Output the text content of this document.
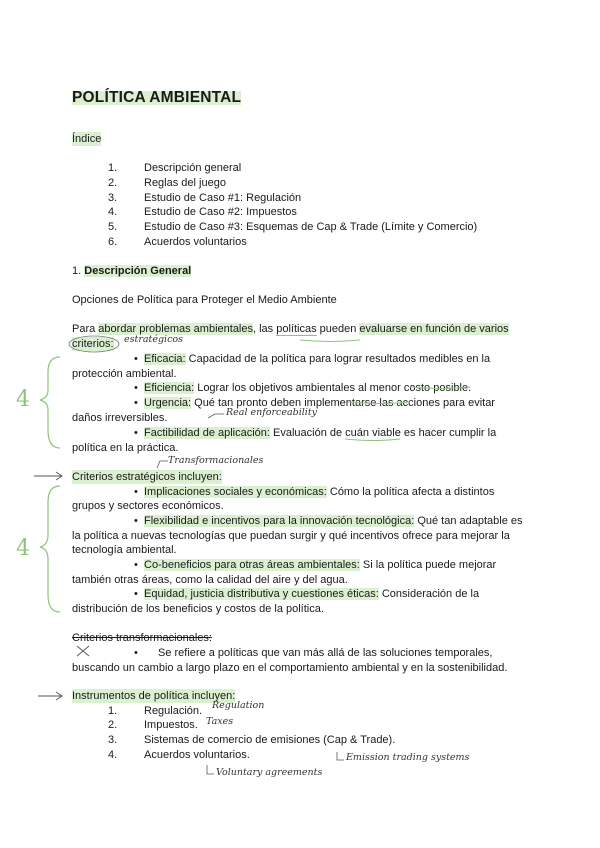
POLÍTICA AMBIENTAL
Índice
1. Descripción general
2. Reglas del juego
3. Estudio de Caso #1: Regulación
4. Estudio de Caso #2: Impuestos
5. Estudio de Caso #3: Esquemas de Cap & Trade (Límite y Comercio)
6. Acuerdos voluntarios
1. Descripción General
Opciones de Política para Proteger el Medio Ambiente
Para abordar problemas ambientales, las políticas pueden evaluarse en función de varios
criterios:
• Eficacia: Capacidad de la política para lograr resultados medibles en la
protección ambiental.
• Eficiencia: Lograr los objetivos ambientales al menor costo posible.
• Urgencia: Qué tan pronto deben implementarse las acciones para evitar
daños irreversibles.
• Factibilidad de aplicación: Evaluación de cuán viable es hacer cumplir la
política en la práctica.
Criterios estratégicos incluyen:
• Implicaciones sociales y económicas: Cómo la política afecta a distintos
grupos y sectores económicos.
• Flexibilidad e incentivos para la innovación tecnológica: Qué tan adaptable es
la política a nuevas tecnologías que puedan surgir y qué incentivos ofrece para mejorar la
tecnología ambiental.
• Co-beneficios para otras áreas ambientales: Si la política puede mejorar
también otras áreas, como la calidad del aire y del agua.
• Equidad, justicia distributiva y cuestiones éticas: Consideración de la
distribución de los beneficios y costos de la política.
Criterios transformacionales:
• Se refiere a políticas que van más allá de las soluciones temporales,
buscando un cambio a largo plazo en el comportamiento ambiental y en la sostenibilidad.
Instrumentos de política incluyen:
1. Regulación.
2. Impuestos.
3. Sistemas de comercio de emisiones (Cap & Trade).
4. Acuerdos voluntarios.
estratégicos
Real enforceability
Transformacionales
4
4
Regulation
Taxes
Emission trading systems
Voluntary agreements
